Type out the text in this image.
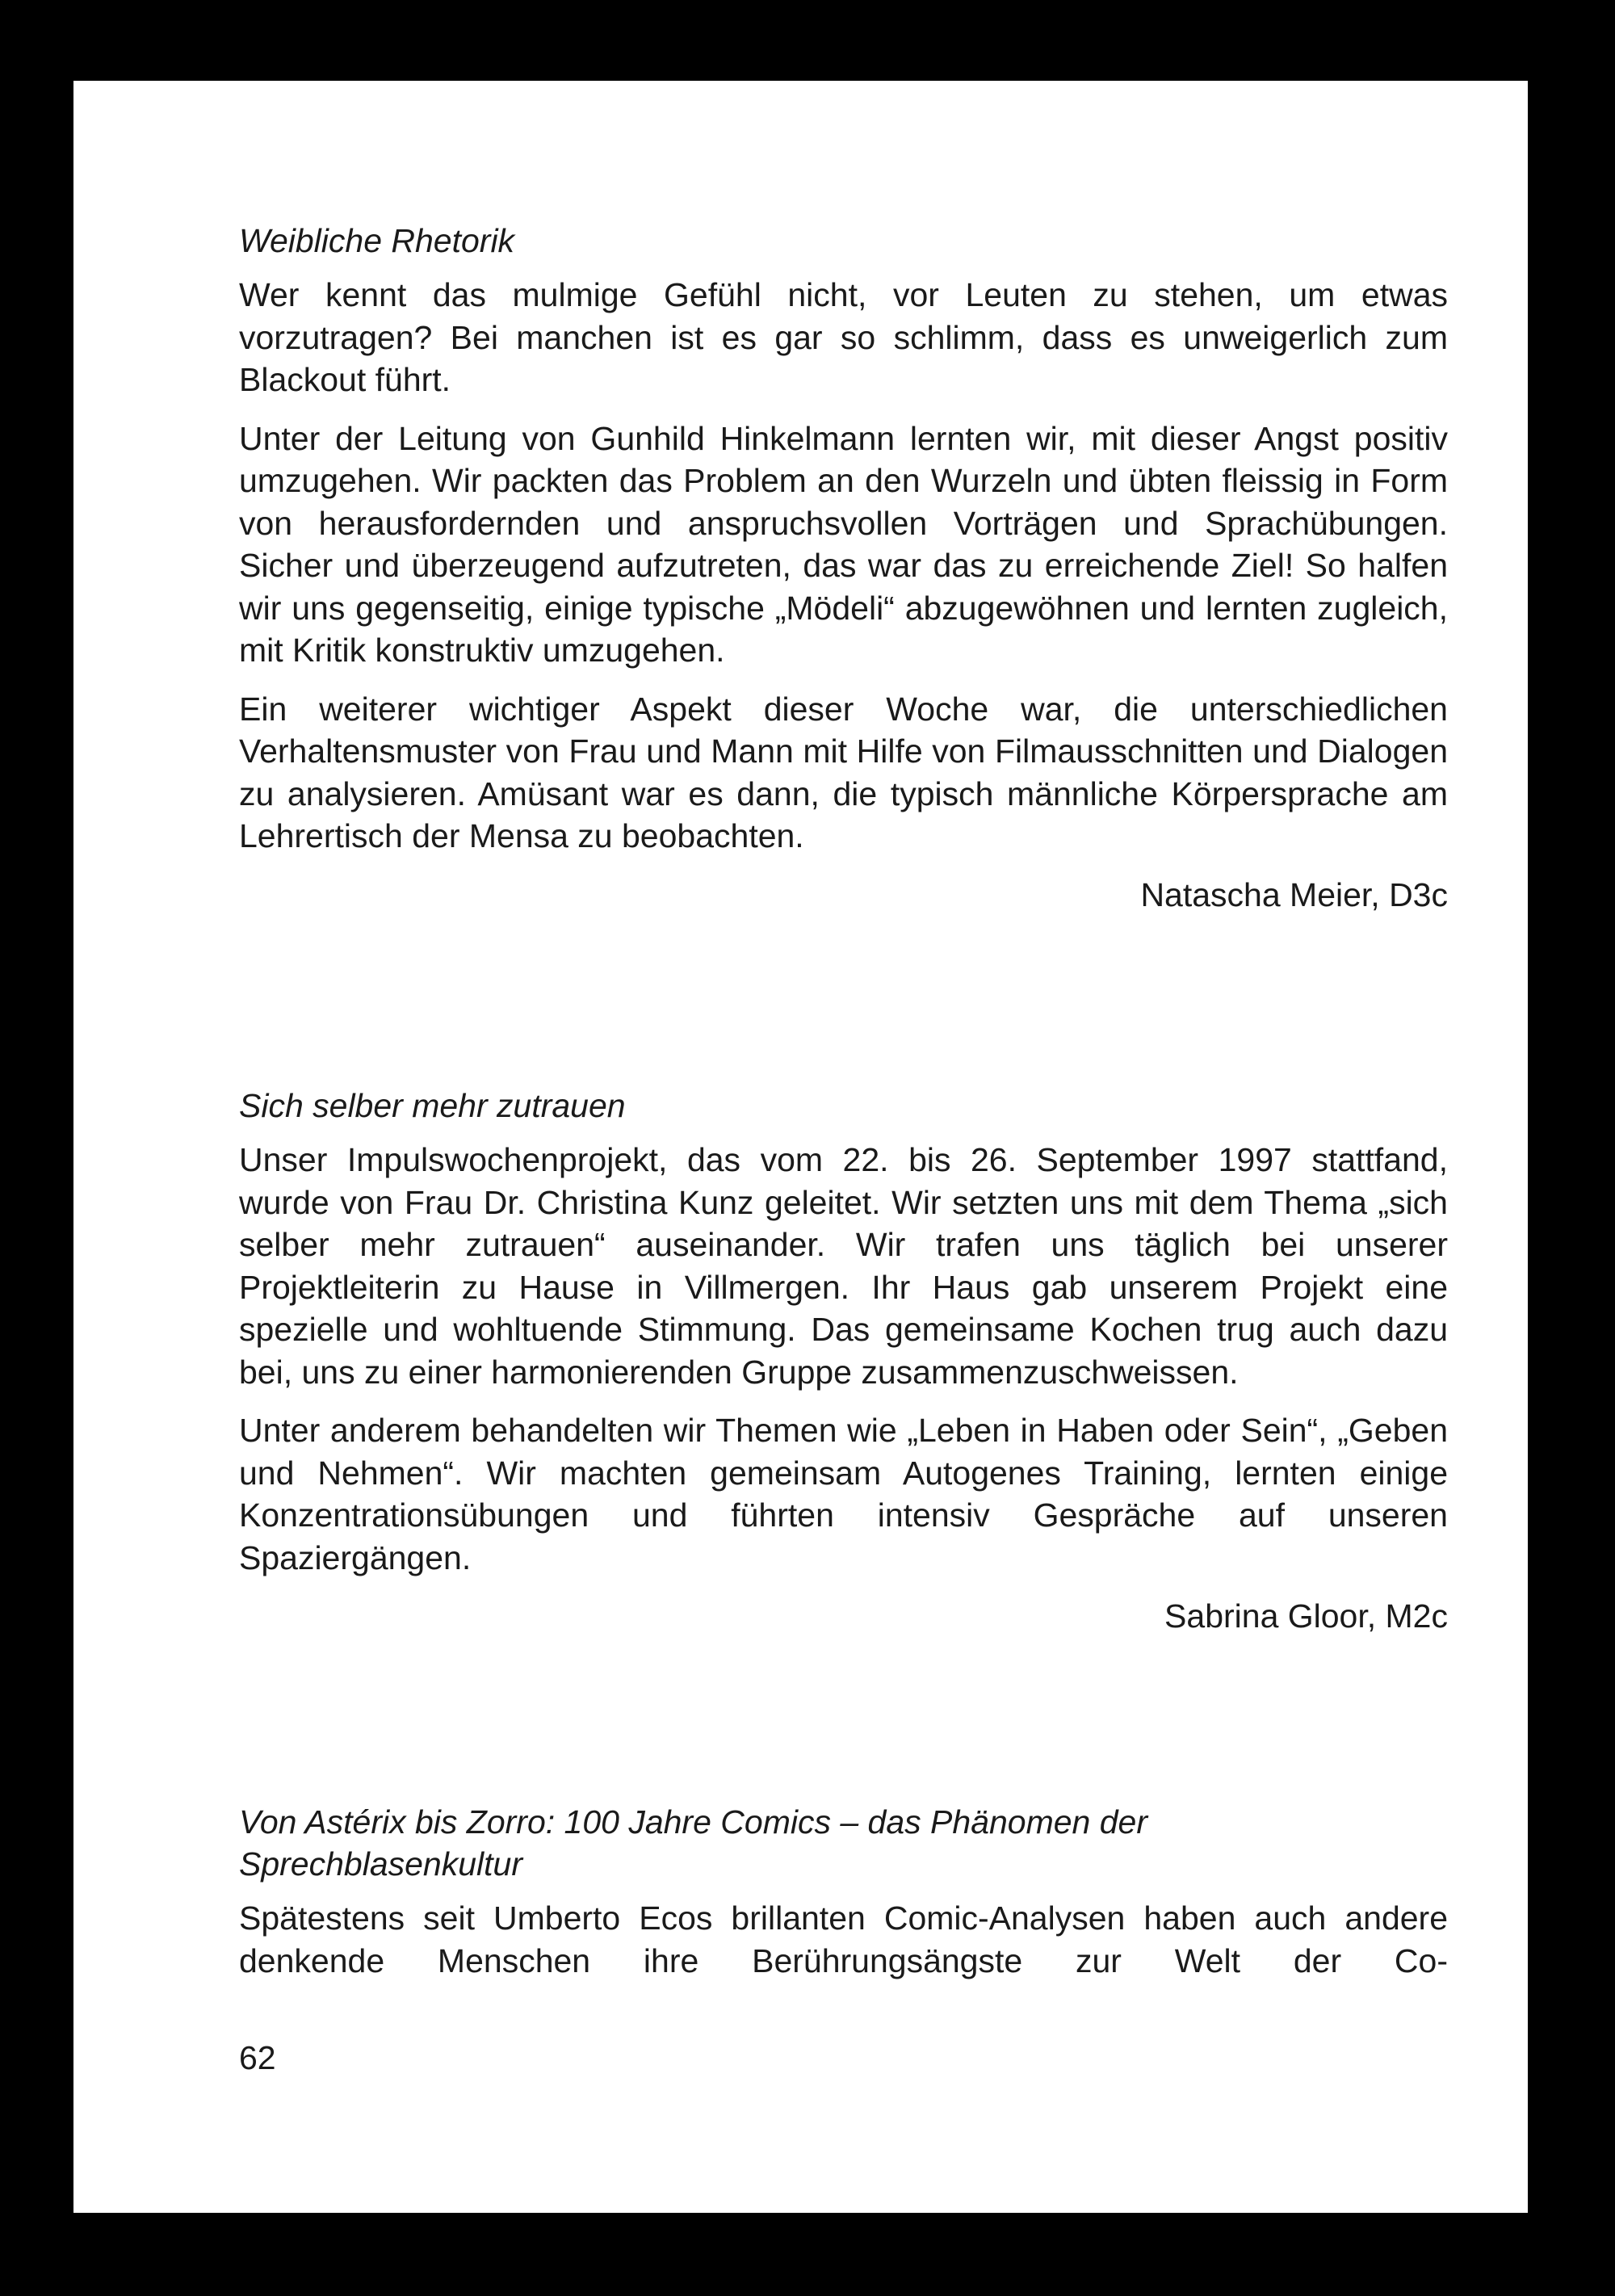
Weibliche Rhetorik

Wer kennt das mulmige Gefühl nicht, vor Leuten zu stehen, um etwas vorzutragen? Bei manchen ist es gar so schlimm, dass es unweigerlich zum Blackout führt.

Unter der Leitung von Gunhild Hinkelmann lernten wir, mit dieser Angst positiv umzugehen. Wir packten das Problem an den Wurzeln und übten fleissig in Form von herausfordernden und anspruchsvollen Vorträgen und Sprachübungen. Sicher und überzeugend aufzutreten, das war das zu erreichende Ziel! So halfen wir uns gegenseitig, einige typische „Mödeli“ abzugewöhnen und lernten zugleich, mit Kritik konstruktiv umzugehen.

Ein weiterer wichtiger Aspekt dieser Woche war, die unterschiedlichen Verhaltensmuster von Frau und Mann mit Hilfe von Filmausschnitten und Dialogen zu analysieren. Amüsant war es dann, die typisch männliche Körpersprache am Lehrertisch der Mensa zu beobachten.

Natascha Meier, D3c

Sich selber mehr zutrauen

Unser Impulswochenprojekt, das vom 22. bis 26. September 1997 stattfand, wurde von Frau Dr. Christina Kunz geleitet. Wir setzten uns mit dem Thema „sich selber mehr zutrauen“ auseinander. Wir trafen uns täglich bei unserer Projektleiterin zu Hause in Villmergen. Ihr Haus gab unserem Projekt eine spezielle und wohltuende Stimmung. Das gemeinsame Kochen trug auch dazu bei, uns zu einer harmonierenden Gruppe zusammenzuschweissen.

Unter anderem behandelten wir Themen wie „Leben in Haben oder Sein“, „Geben und Nehmen“. Wir machten gemeinsam Autogenes Training, lernten einige Konzentrationsübungen und führten intensiv Gespräche auf unseren Spaziergängen.

Sabrina Gloor, M2c

Von Astérix bis Zorro: 100 Jahre Comics – das Phänomen der
Sprechblasenkultur

Spätestens seit Umberto Ecos brillanten Comic-Analysen haben auch andere denkende Menschen ihre Berührungsängste zur Welt der Co-

62
